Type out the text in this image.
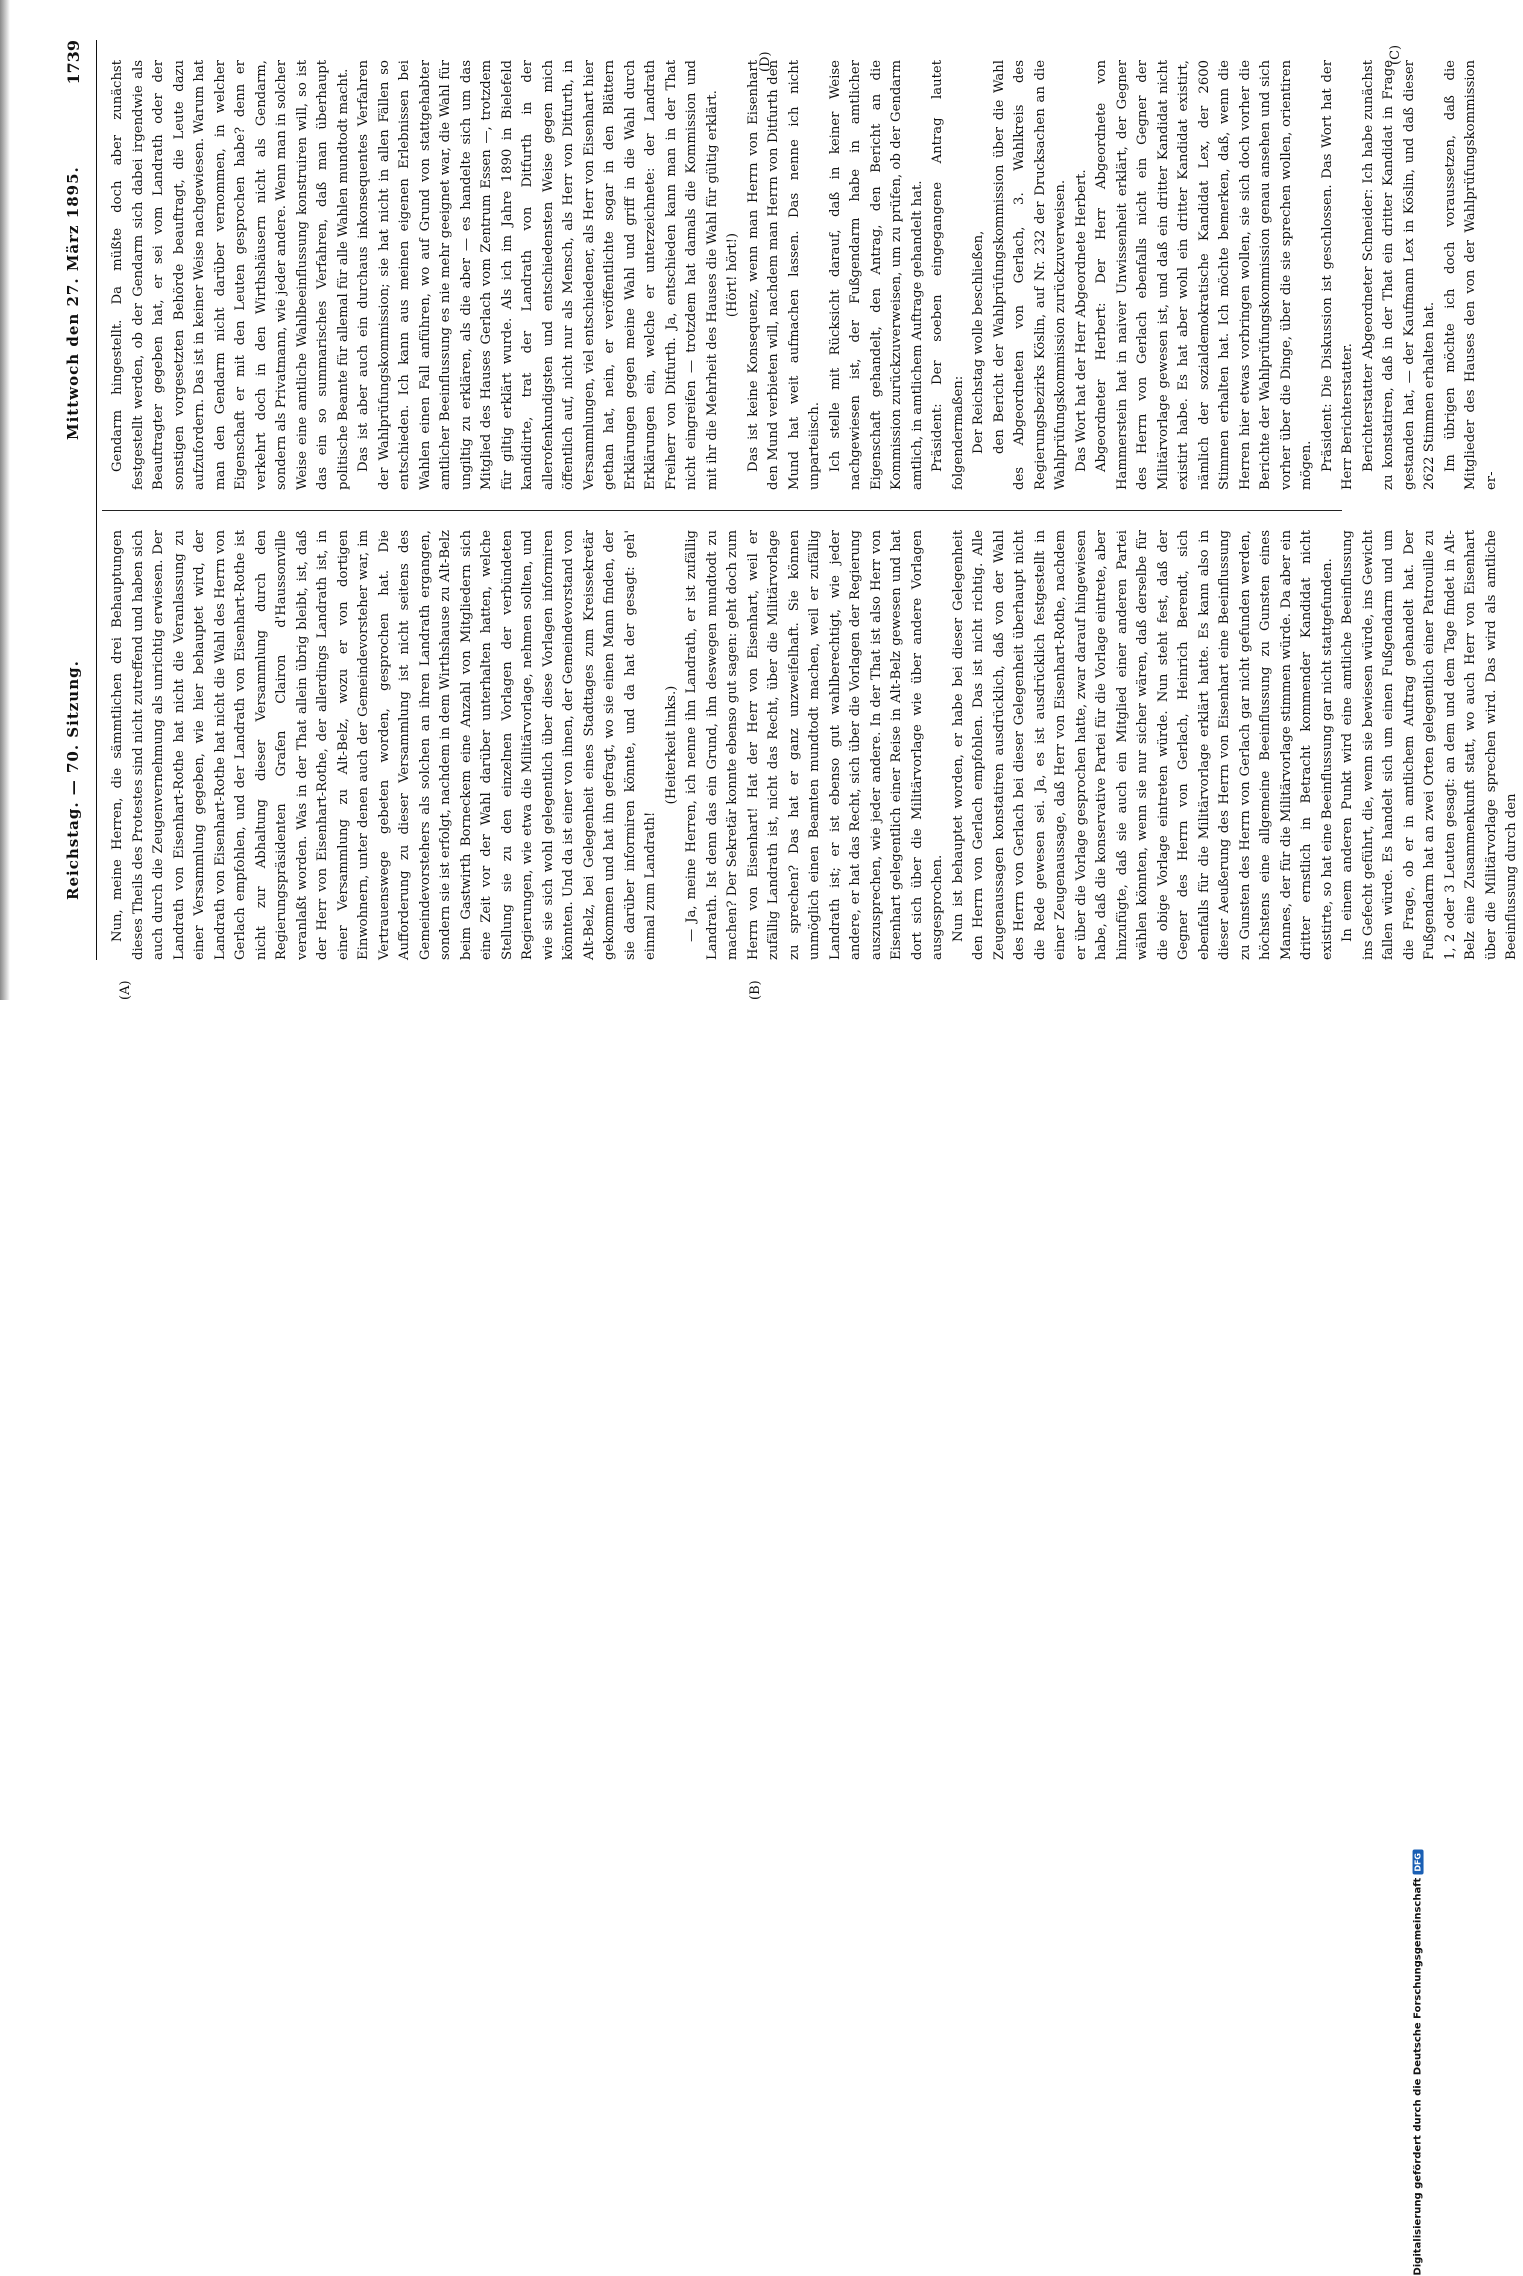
Reichstag. — 70. Sitzung.
Mittwoch den 27. März 1895.
1739
(A)	(B)
(C)
(D)

Nun, meine Herren, die sämmtlichen drei Behauptungen dieses Theils des Protestes sind nicht zutreffend und haben sich auch durch die Zeugenvernehmung als unrichtig erwiesen. Der Landrath von Eisenhart-Rothe hat nicht die Veranlassung zu einer Versammlung gegeben, wie hier behauptet wird, der Landrath von Eisenhart-Rothe hat nicht die Wahl des Herrn von Gerlach empfohlen, und der Landrath von Eisenhart-Rothe ist nicht zur Abhaltung dieser Versammlung durch den Regierungspräsidenten Grafen Clairon d'Haussonville veranlaßt worden. Was in der That allein übrig bleibt, ist, daß der Herr von Eisenhart-Rothe, der allerdings Landrath ist, in einer Versammlung zu Alt-Belz, wozu er von dortigen Einwohnern, unter denen auch der Gemeindevorsteher war, im Vertrauenswege gebeten worden, gesprochen hat. Die Aufforderung zu dieser Versammlung ist nicht seitens des Gemeindevorstehers als solchen an ihren Landrath ergangen, sondern sie ist erfolgt, nachdem in dem Wirthshause zu Alt-Belz beim Gastwirth Borneckem eine Anzahl von Mitgliedern sich eine Zeit vor der Wahl darüber unterhalten hatten, welche Stellung sie zu den einzelnen Vorlagen der verbündeten Regierungen, wie etwa die Militärvorlage, nehmen sollten, und wie sie sich wohl gelegentlich über diese Vorlagen informiren könnten. Und da ist einer von ihnen, der Gemeindevorstand von Alt-Belz, bei Gelegenheit eines Stadttages zum Kreissekretär gekommen und hat ihn gefragt, wo sie einen Mann finden, der sie darüber informiren könnte, und da hat der gesagt: geh' einmal zum Landrath!

(Heiterkeit links.) — Ja, meine Herren, ich nenne ihn Landrath, er ist zufällig Landrath. Ist denn das ein Grund, ihn deswegen mundtodt zu machen? Der Sekretär konnte ebenso gut sagen: geht doch zum Herrn von Eisenhart! Hat der Herr von Eisenhart, weil er zufällig Landrath ist, nicht das Recht, über die Militärvorlage zu sprechen? Das hat er ganz unzweifelhaft. Sie können unmöglich einen Beamten mundtodt machen, weil er zufällig Landrath ist; er ist ebenso gut wahlberechtigt, wie jeder andere, er hat das Recht, sich über die Vorlagen der Regierung auszusprechen, wie jeder andere. In der That ist also Herr von Eisenhart gelegentlich einer Reise in Alt-Belz gewesen und hat dort sich über die Militärvorlage wie über andere Vorlagen ausgesprochen. Nun ist behauptet worden, er habe bei dieser Gelegenheit den Herrn von Gerlach empfohlen. Das ist nicht richtig. Alle Zeugenaussagen konstatiren ausdrücklich, daß von der Wahl des Herrn von Gerlach bei dieser Gelegenheit überhaupt nicht die Rede gewesen sei. Ja, es ist ausdrücklich festgestellt in einer Zeugenaussage, daß Herr von Eisenhart-Rothe, nachdem er über die Vorlage gesprochen hatte, zwar darauf hingewiesen habe, daß die konservative Partei für die Vorlage eintrete, aber hinzufügte, daß sie auch ein Mitglied einer anderen Partei wählen könnten, wenn sie nur sicher wären, daß derselbe für die obige Vorlage eintreten würde. Nun steht fest, daß der Gegner des Herrn von Gerlach, Heinrich Berendt, sich ebenfalls für die Militärvorlage erklärt hatte. Es kann also in dieser Aeußerung des Herrn von Eisenhart eine Beeinflussung zu Gunsten des Herrn von Gerlach gar nicht gefunden werden, höchstens eine allgemeine Beeinflussung zu Gunsten eines Mannes, der für die Militärvorlage stimmen würde. Da aber ein dritter ernstlich in Betracht kommender Kandidat nicht existirte, so hat eine Beeinflussung gar nicht stattgefunden. In einem anderen Punkt wird eine amtliche Beeinflussung ins Gefecht geführt, die, wenn sie bewiesen würde, ins Gewicht fallen würde. Es handelt sich um einen Fußgendarm und um die Frage, ob er in amtlichem Auftrag gehandelt hat. Der Fußgendarm hat an zwei Orten gelegentlich einer Patrouille zu 1, 2 oder 3 Leuten gesagt: an dem und dem Tage findet in Alt-Belz eine Zusammenkunft statt, wo auch Herr von Eisenhart über die Militärvorlage sprechen wird. Das wird als amtliche Beeinflussung durch den

Gendarm hingestellt. Da müßte doch aber zunächst festgestellt werden, ob der Gendarm sich dabei irgendwie als Beauftragter gegeben hat, er sei vom Landrath oder der sonstigen vorgesetzten Behörde beauftragt, die Leute dazu aufzufordern. Das ist in keiner Weise nachgewiesen. Warum hat man den Gendarm nicht darüber vernommen, in welcher Eigenschaft er mit den Leuten gesprochen habe? denn er verkehrt doch in den Wirthshäusern nicht als Gendarm, sondern als Privatmann, wie jeder andere. Wenn man in solcher Weise eine amtliche Wahlbeeinflussung konstruiren will, so ist das ein so summarisches Verfahren, daß man überhaupt politische Beamte für allemal für alle Wahlen mundtodt macht. Das ist aber auch ein durchaus inkonsequentes Verfahren der Wahlprüfungskommission; sie hat nicht in allen Fällen so entschieden. Ich kann aus meinen eigenen Erlebnissen bei Wahlen einen Fall anführen, wo auf Grund von stattgehabter amtlicher Beeinflussung es nie mehr geeignet war, die Wahl für ungiltig zu erklären, als die aber — es handelte sich um das Mitglied des Hauses Gerlach vom Zentrum Essen —, trotzdem für giltig erklärt wurde. Als ich im Jahre 1890 in Bielefeld kandidirte, trat der Landrath von Ditfurth in der allerofenkundigsten und entschiedensten Weise gegen mich öffentlich auf, nicht nur als Mensch, als Herr von Ditfurth, in Versammlungen, viel entschiedener, als Herr von Eisenhart hier gethan hat, nein, er veröffentlichte sogar in den Blättern Erklärungen gegen meine Wahl und griff in die Wahl durch Erklärungen ein, welche er unterzeichnete: der Landrath Freiherr von Ditfurth. Ja, entschieden kann man in der That nicht eingreifen — trotzdem hat damals die Kommission und mit ihr die Mehrheit des Hauses die Wahl für gültig erklärt. (Hört! hört!) Das ist keine Konsequenz, wenn man Herrn von Eisenhart den Mund verbieten will, nachdem man Herrn von Ditfurth den Mund hat weit aufmachen lassen. Das nenne ich nicht unparteiisch. Ich stelle mit Rücksicht darauf, daß in keiner Weise nachgewiesen ist, der Fußgendarm habe in amtlicher Eigenschaft gehandelt, den Antrag, den Bericht an die Kommission zurückzuverweisen, um zu prüfen, ob der Gendarm amtlich, in amtlichem Auftrage gehandelt hat. Präsident: Der soeben eingegangene Antrag lautet folgendermaßen: Der Reichstag wolle beschließen, den Bericht der Wahlprüfungskommission über die Wahl des Abgeordneten von Gerlach, 3. Wahlkreis des Regierungsbezirks Köslin, auf Nr. 232 der Drucksachen an die Wahlprüfungskommission zurückzuverweisen. Das Wort hat der Herr Abgeordnete Herbert. Abgeordneter Herbert: Der Herr Abgeordnete von Hammerstein hat in naiver Unwissenheit erklärt, der Gegner des Herrn von Gerlach ebenfalls nicht ein Gegner der Militärvorlage gewesen ist, und daß ein dritter Kandidat nicht existirt habe. Es hat aber wohl ein dritter Kandidat existirt, nämlich der sozialdemokratische Kandidat Lex, der 2600 Stimmen erhalten hat. Ich möchte bemerken, daß, wenn die Herren hier etwas vorbringen wollen, sie sich doch vorher die Berichte der Wahlprüfungskommission genau ansehen und sich vorher über die Dinge, über die sie sprechen wollen, orientiren mögen. Präsident: Die Diskussion ist geschlossen. Das Wort hat der Herr Berichterstatter. Berichterstatter Abgeordneter Schneider: Ich habe zunächst zu konstatiren, daß in der That ein dritter Kandidat in Frage gestanden hat, — der Kaufmann Lex in Köslin, und daß dieser 2622 Stimmen erhalten hat. Im übrigen möchte ich doch voraussetzen, daß die Mitglieder des Hauses den von der Wahlprüfungskommission er-

Digitalisierung gefördert durch die Deutsche ForschungsgemeinschaftDFG
